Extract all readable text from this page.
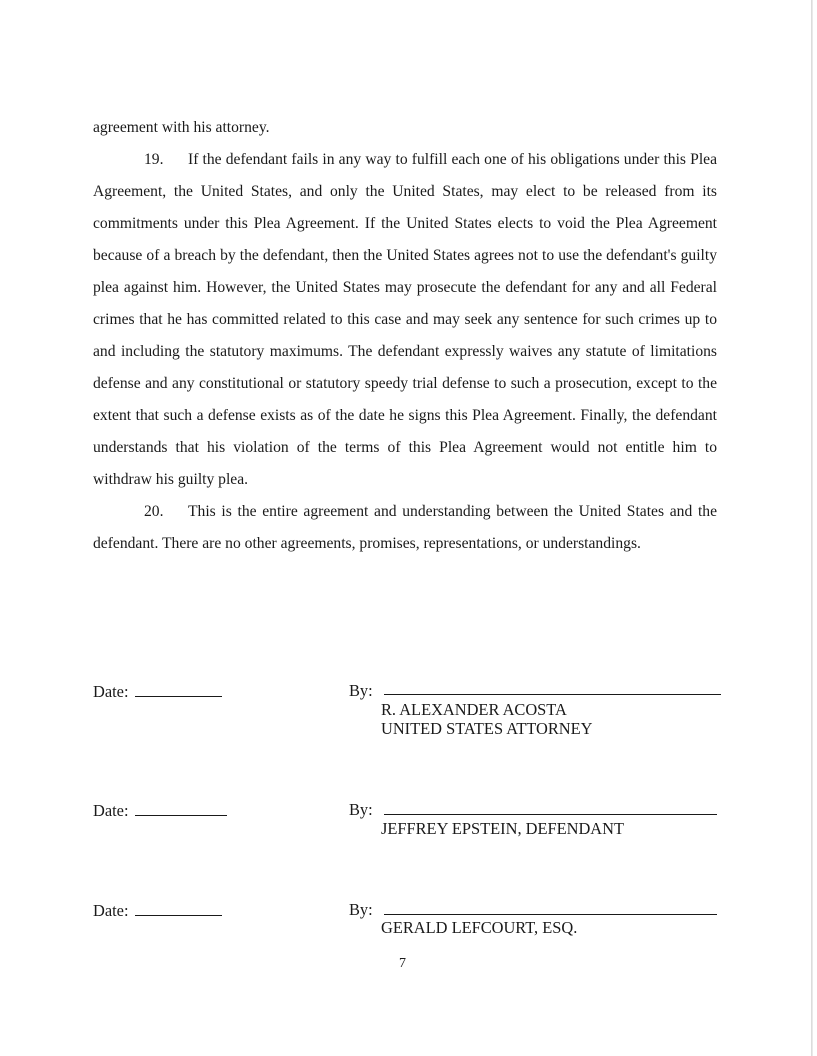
agreement with his attorney.

19. If the defendant fails in any way to fulfill each one of his obligations under this Plea Agreement, the United States, and only the United States, may elect to be released from its commitments under this Plea Agreement. If the United States elects to void the Plea Agreement because of a breach by the defendant, then the United States agrees not to use the defendant's guilty plea against him. However, the United States may prosecute the defendant for any and all Federal crimes that he has committed related to this case and may seek any sentence for such crimes up to and including the statutory maximums. The defendant expressly waives any statute of limitations defense and any constitutional or statutory speedy trial defense to such a prosecution, except to the extent that such a defense exists as of the date he signs this Plea Agreement. Finally, the defendant understands that his violation of the terms of this Plea Agreement would not entitle him to withdraw his guilty plea.

20. This is the entire agreement and understanding between the United States and the defendant. There are no other agreements, promises, representations, or understandings.

Date:	By:
R. ALEXANDER ACOSTA
UNITED STATES ATTORNEY
Date:	By:
JEFFREY EPSTEIN, DEFENDANT
Date:	By:
GERALD LEFCOURT, ESQ.
7
